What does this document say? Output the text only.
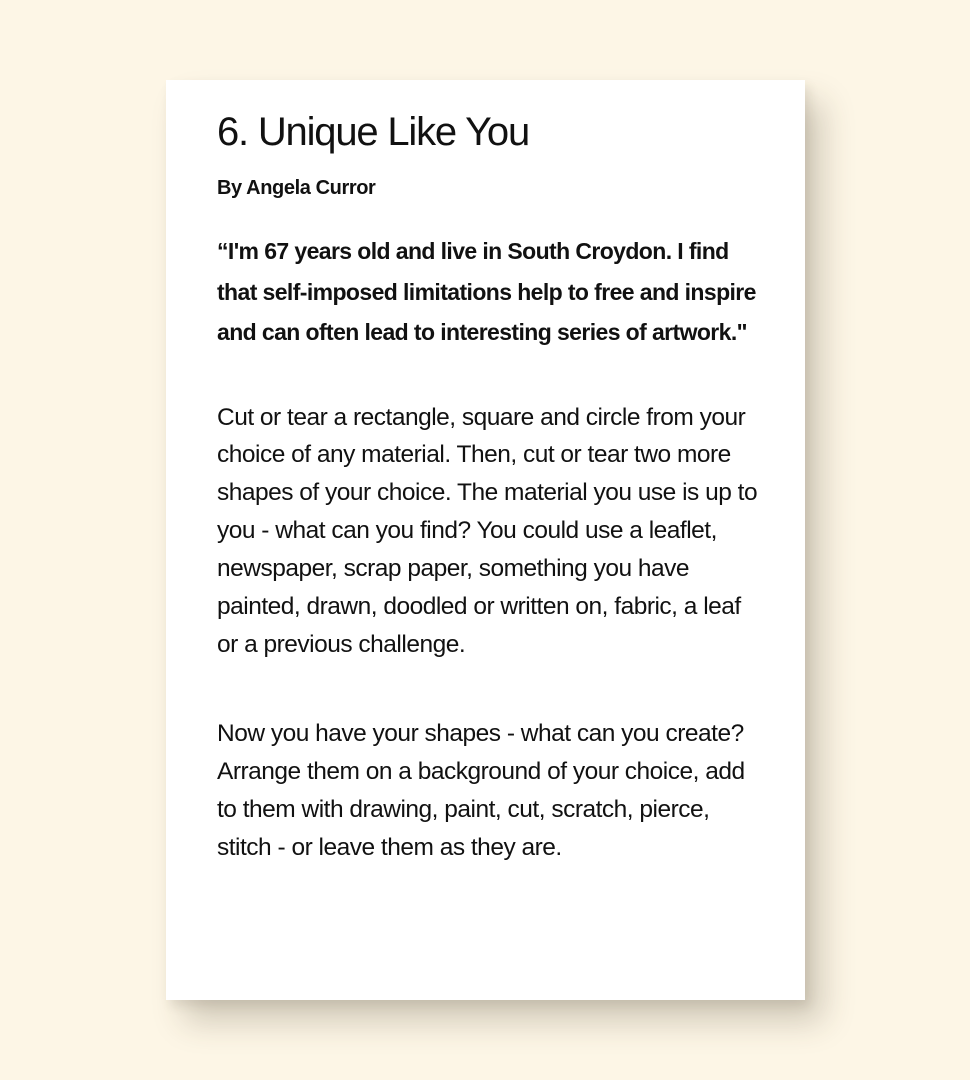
6. Unique Like You

By Angela Curror

“I'm 67 years old and live in South Croydon. I find that self-imposed limitations help to free and inspire and can often lead to interesting series of artwork."

Cut or tear a rectangle, square and circle from your choice of any material. Then, cut or tear two more shapes of your choice. The material you use is up to you - what can you find? You could use a leaflet, newspaper, scrap paper, something you have painted, drawn, doodled or written on, fabric, a leaf or a previous challenge.

Now you have your shapes - what can you create? Arrange them on a background of your choice, add to them with drawing, paint, cut, scratch, pierce, stitch - or leave them as they are.
